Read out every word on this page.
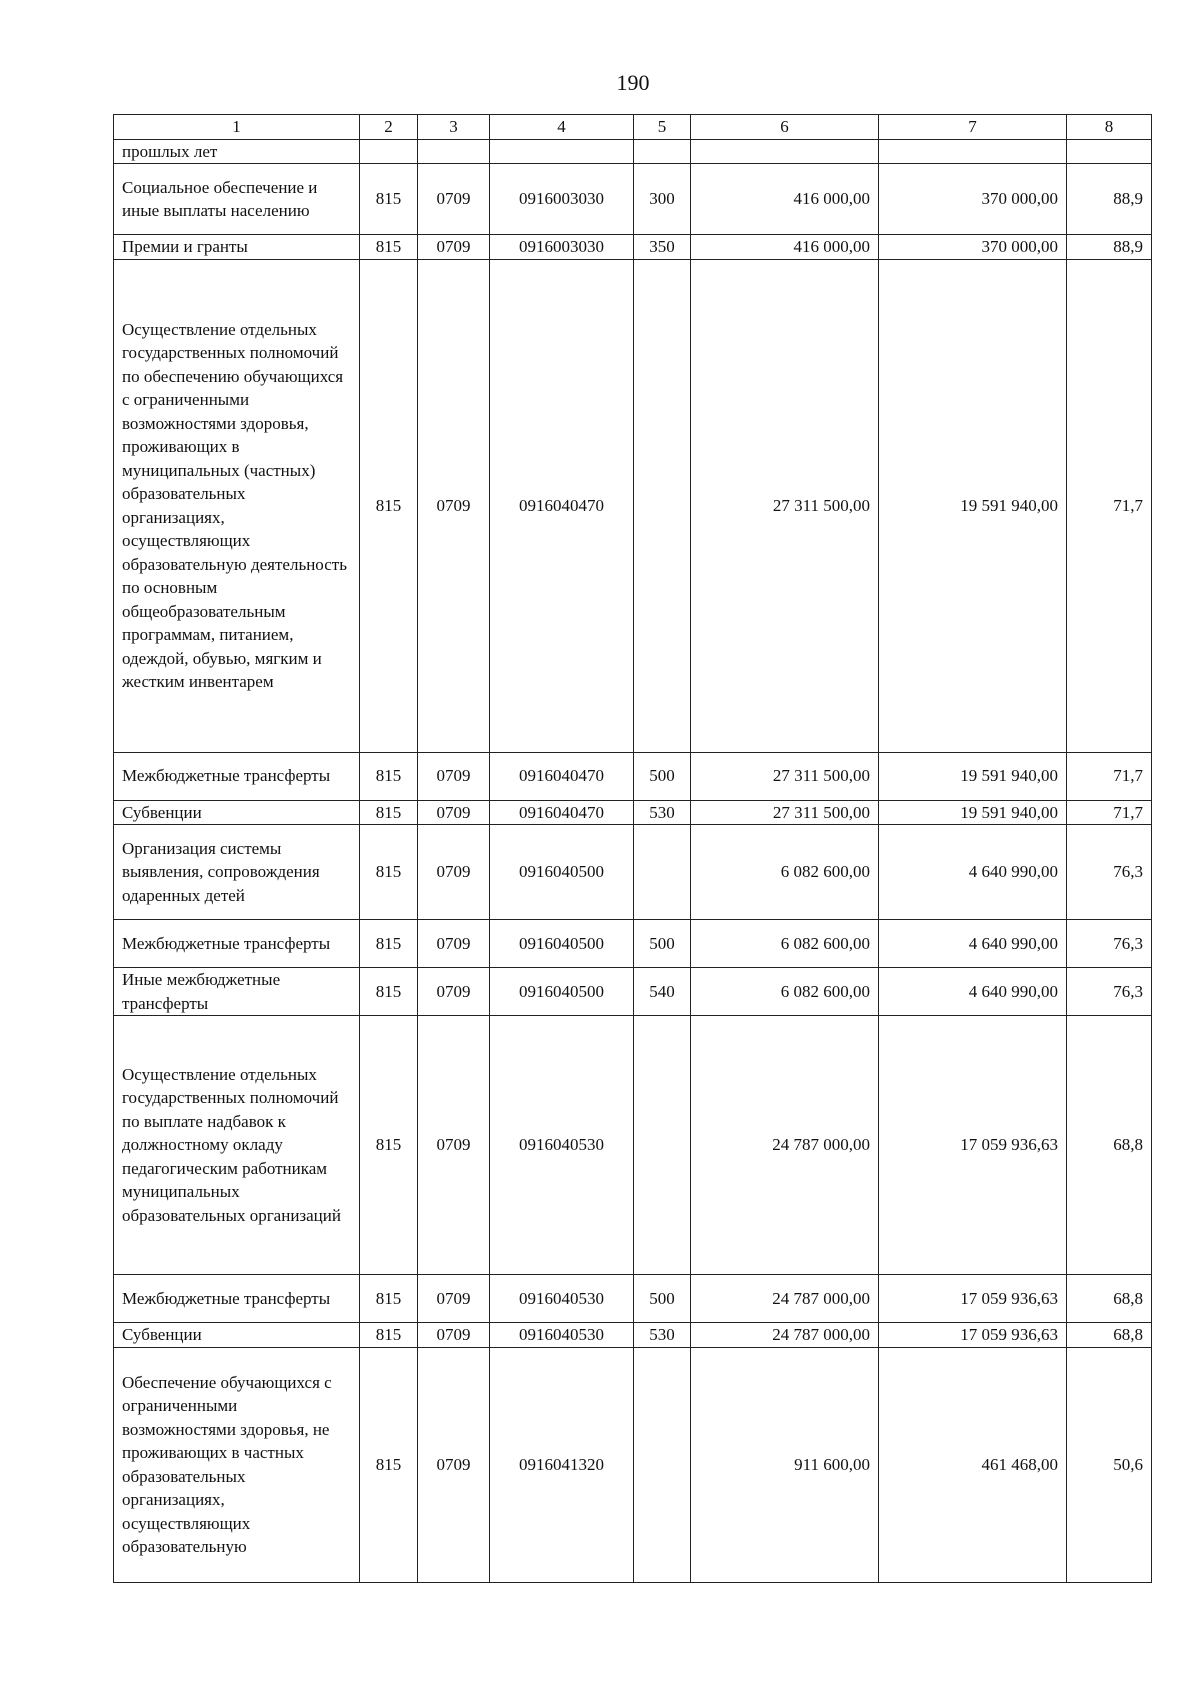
190
1	2	3	4	5	6	7	8
прошлых лет							
Социальное обеспечение и иные выплаты населению	815	0709	0916003030	300	416 000,00	370 000,00	88,9
Премии и гранты	815	0709	0916003030	350	416 000,00	370 000,00	88,9
Осуществление отдельных государственных полномочий по обеспечению обучающихся с ограниченными возможностями здоровья, проживающих в муниципальных (частных) образовательных организациях, осуществляющих образовательную деятельность по основным общеобразовательным программам, питанием, одеждой, обувью, мягким и жестким инвентарем	815	0709	0916040470		27 311 500,00	19 591 940,00	71,7
Межбюджетные трансферты	815	0709	0916040470	500	27 311 500,00	19 591 940,00	71,7
Субвенции	815	0709	0916040470	530	27 311 500,00	19 591 940,00	71,7
Организация системы выявления, сопровождения одаренных детей	815	0709	0916040500		6 082 600,00	4 640 990,00	76,3
Межбюджетные трансферты	815	0709	0916040500	500	6 082 600,00	4 640 990,00	76,3
Иные межбюджетные трансферты	815	0709	0916040500	540	6 082 600,00	4 640 990,00	76,3
Осуществление отдельных государственных полномочий по выплате надбавок к должностному окладу педагогическим работникам муниципальных образовательных организаций	815	0709	0916040530		24 787 000,00	17 059 936,63	68,8
Межбюджетные трансферты	815	0709	0916040530	500	24 787 000,00	17 059 936,63	68,8
Субвенции	815	0709	0916040530	530	24 787 000,00	17 059 936,63	68,8
Обеспечение обучающихся с ограниченными возможностями здоровья, не проживающих в частных образовательных организациях, осуществляющих образовательную	815	0709	0916041320		911 600,00	461 468,00	50,6
